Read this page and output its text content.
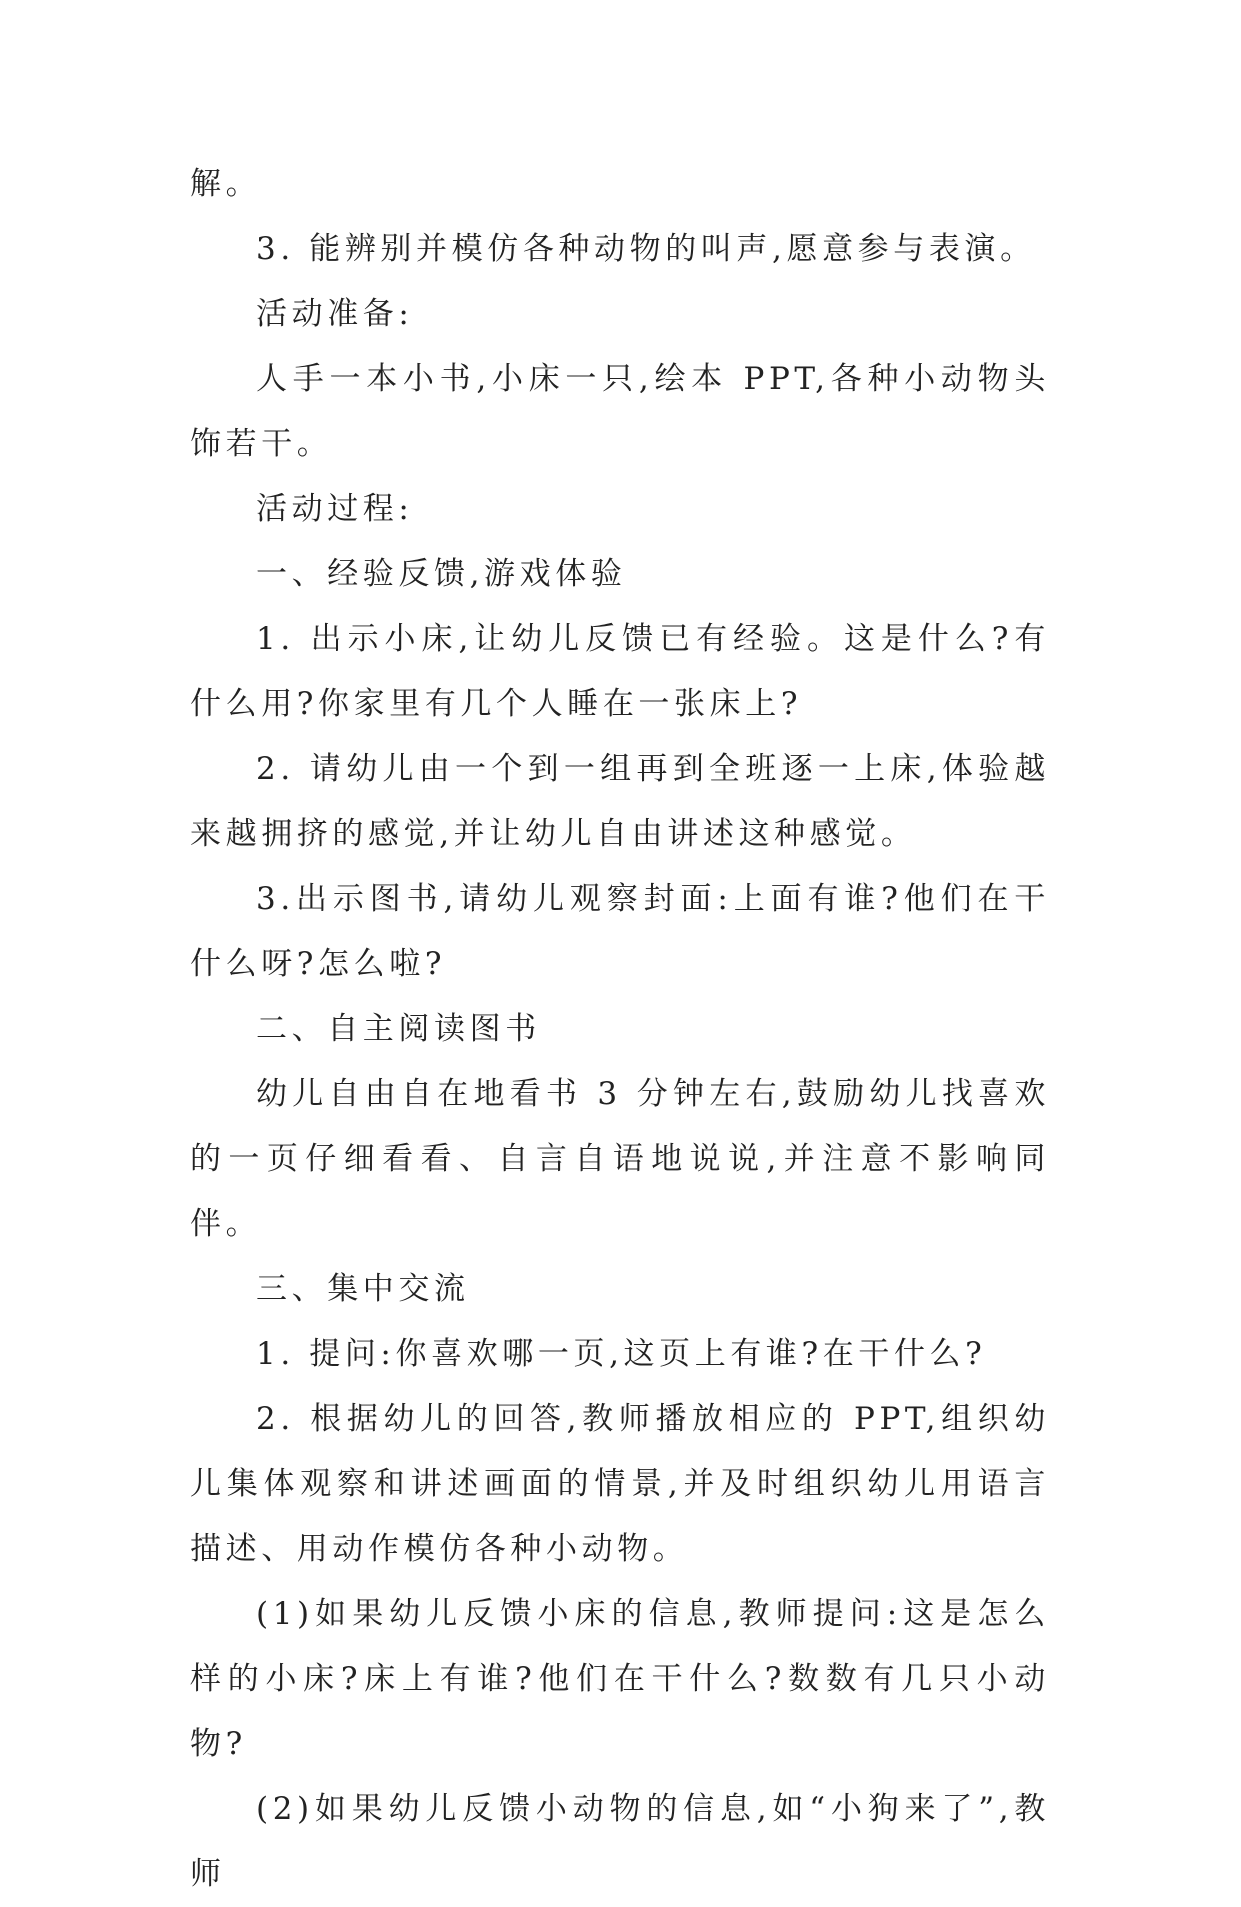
解。

3. 能辨别并模仿各种动物的叫声,愿意参与表演。

活动准备:

人手一本小书,小床一只,绘本 PPT,各种小动物头饰若干。

活动过程:

一、经验反馈,游戏体验

1. 出示小床,让幼儿反馈已有经验。这是什么?有什么用?你家里有几个人睡在一张床上?

2. 请幼儿由一个到一组再到全班逐一上床,体验越来越拥挤的感觉,并让幼儿自由讲述这种感觉。

3.出示图书,请幼儿观察封面:上面有谁?他们在干什么呀?怎么啦?

二、自主阅读图书

幼儿自由自在地看书 3 分钟左右,鼓励幼儿找喜欢的一页仔细看看、自言自语地说说,并注意不影响同伴。

三、集中交流

1. 提问:你喜欢哪一页,这页上有谁?在干什么?

2. 根据幼儿的回答,教师播放相应的 PPT,组织幼儿集体观察和讲述画面的情景,并及时组织幼儿用语言描述、用动作模仿各种小动物。

(1)如果幼儿反馈小床的信息,教师提问:这是怎么样的小床?床上有谁?他们在干什么?数数有几只小动物?

(2)如果幼儿反馈小动物的信息,如“小狗来了”,教师
